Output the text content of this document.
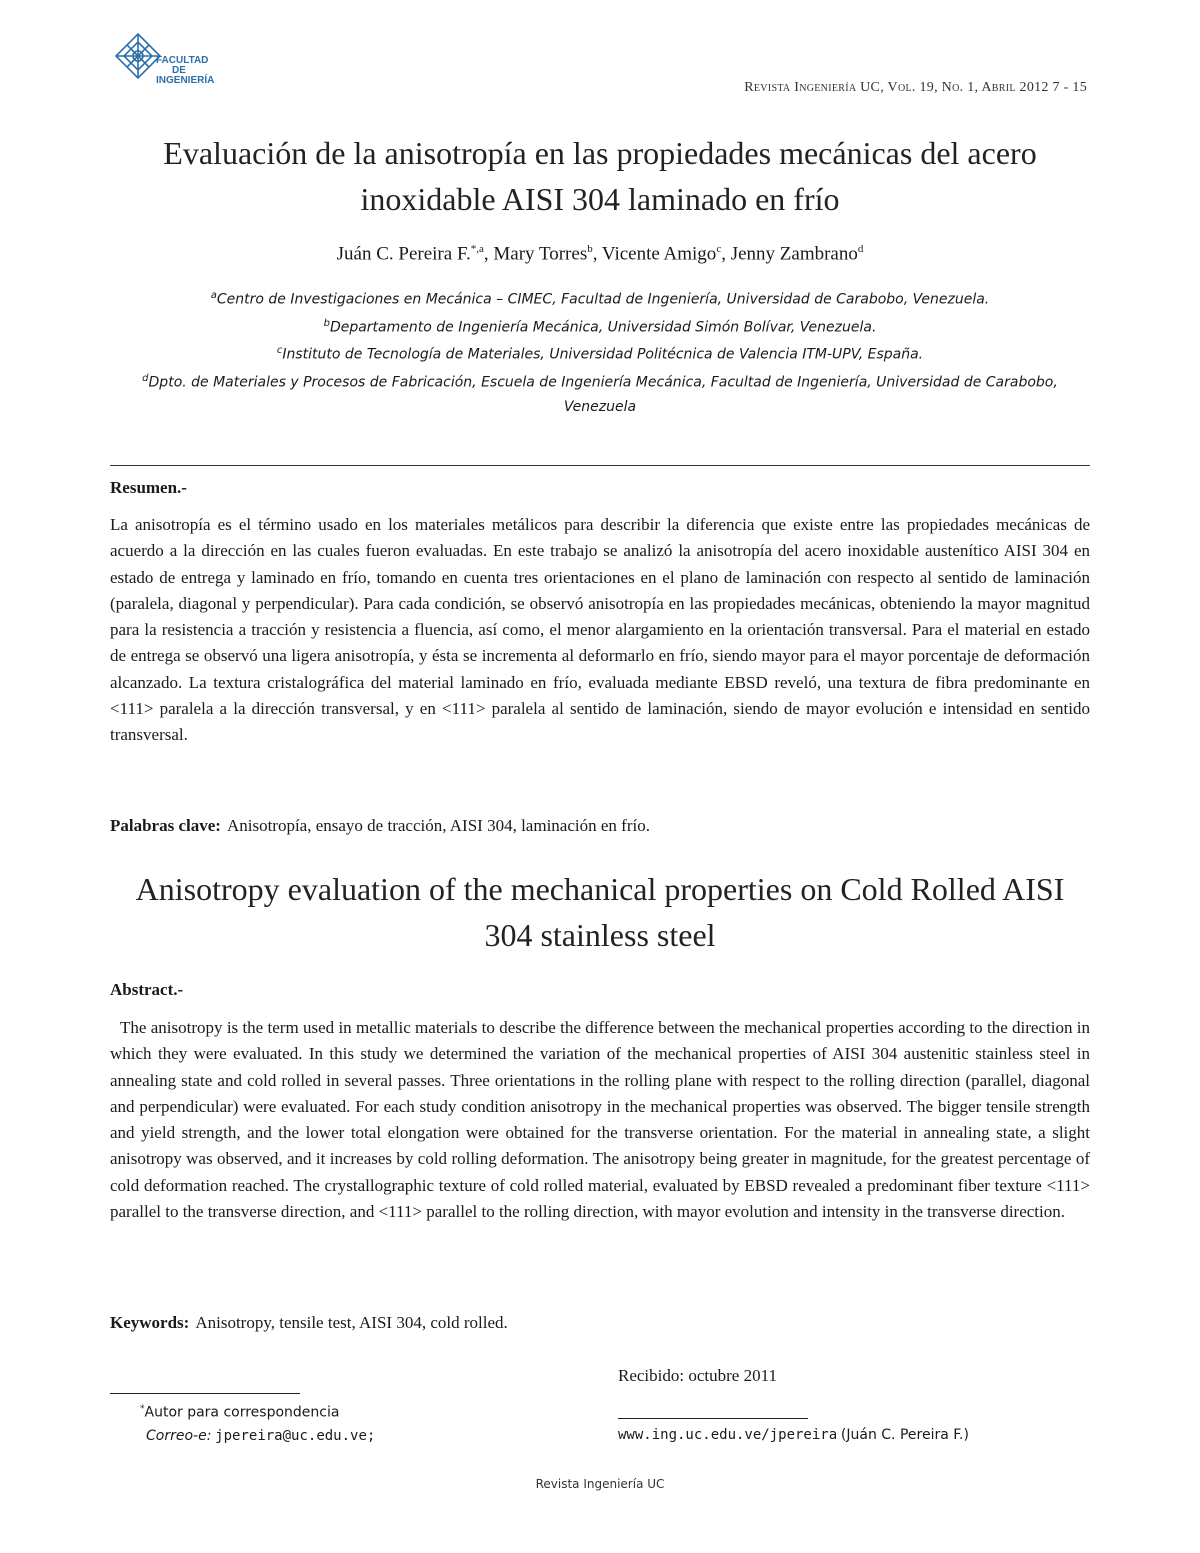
FACULTAD
DE
INGENIERÍA	Revista Ingeniería UC, Vol. 19, No. 1, Abril 2012 7 - 15
Evaluación de la anisotropía en las propiedades mecánicas del acero
inoxidable AISI 304 laminado en frío
Juán C. Pereira F.$^{*,a}$, Mary Torres$^b$, Vicente Amigo$^c$, Jenny Zambrano$^d$
$^a$Centro de Investigaciones en Mecánica – CIMEC, Facultad de Ingeniería, Universidad de Carabobo, Venezuela.
$^b$Departamento de Ingeniería Mecánica, Universidad Simón Bolívar, Venezuela.
$^c$Instituto de Tecnología de Materiales, Universidad Politécnica de Valencia ITM-UPV, España.
$^d$Dpto. de Materiales y Procesos de Fabricación, Escuela de Ingeniería Mecánica, Facultad de Ingeniería, Universidad de Carabobo, Venezuela
Resumen.-

La anisotropía es el término usado en los materiales metálicos para describir la diferencia que existe entre las propiedades mecánicas de acuerdo a la dirección en las cuales fueron evaluadas. En este trabajo se analizó la anisotropía del acero inoxidable austenítico AISI 304 en estado de entrega y laminado en frío, tomando en cuenta tres orientaciones en el plano de laminación con respecto al sentido de laminación (paralela, diagonal y perpendicular). Para cada condición, se observó anisotropía en las propiedades mecánicas, obteniendo la mayor magnitud para la resistencia a tracción y resistencia a fluencia, así como, el menor alargamiento en la orientación transversal. Para el material en estado de entrega se observó una ligera anisotropía, y ésta se incrementa al deformarlo en frío, siendo mayor para el mayor porcentaje de deformación alcanzado. La textura cristalográfica del material laminado en frío, evaluada mediante EBSD reveló, una textura de fibra predominante en <111> paralela a la dirección transversal, y en <111> paralela al sentido de laminación, siendo de mayor evolución e intensidad en sentido transversal.

Palabras clave: Anisotropía, ensayo de tracción, AISI 304, laminación en frío.
Anisotropy evaluation of the mechanical properties on Cold Rolled AISI
304 stainless steel
Abstract.-

The anisotropy is the term used in metallic materials to describe the difference between the mechanical properties according to the direction in which they were evaluated. In this study we determined the variation of the mechanical properties of AISI 304 austenitic stainless steel in annealing state and cold rolled in several passes. Three orientations in the rolling plane with respect to the rolling direction (parallel, diagonal and perpendicular) were evaluated. For each study condition anisotropy in the mechanical properties was observed. The bigger tensile strength and yield strength, and the lower total elongation were obtained for the transverse orientation. For the material in annealing state, a slight anisotropy was observed, and it increases by cold rolling deformation. The anisotropy being greater in magnitude, for the greatest percentage of cold deformation reached. The crystallographic texture of cold rolled material, evaluated by EBSD revealed a predominant fiber texture <111> parallel to the transverse direction, and <111> parallel to the rolling direction, with mayor evolution and intensity in the transverse direction.

Keywords: Anisotropy, tensile test, AISI 304, cold rolled.
Recibido: octubre 2011
*Autor para correspondencia
Correo-e: jpereira@uc.edu.ve;	www.ing.uc.edu.ve/jpereira (Juán C. Pereira F.)
Revista Ingeniería UC
